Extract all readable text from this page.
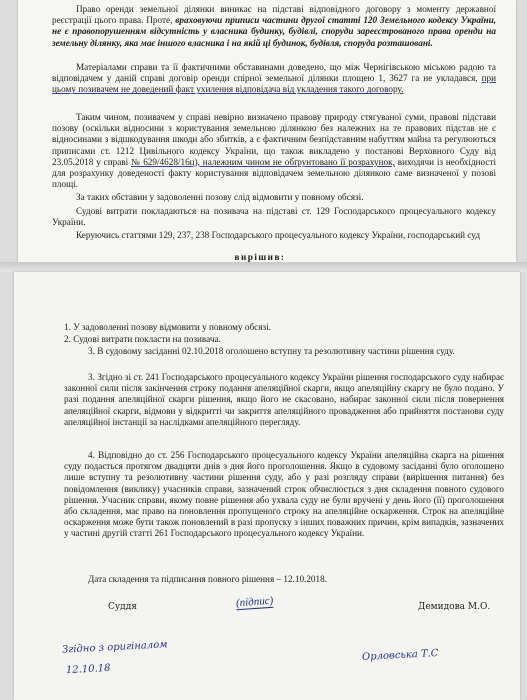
Право оренди земельної ділянки виникає на підставі відповідного договору з моменту державної реєстрації цього права. Проте, враховуючи приписи частини другої статті 120 Земельного кодексу України, не є правопорушенням відсутність у власника будинку, будівлі, споруди зареєстрованого права оренди на земельну ділянку, яка має іншого власника і на якій ці будинок, будівля, споруда розташовані.
Матеріалами справи та її фактичними обставинами доведено, що між Чернігівською міською радою та відповідачем у даній справі договір оренди спірної земельної ділянки площею 1, 3627 га не укладався, при цьому позивачем не доведений факт ухилення відповідача від укладення такого договору.
Таким чином, позивачем у справі невірно визначено правову природу стягуваної суми, правові підстави позову (оскільки відносини з користування земельною ділянкою без належних на те правових підстав не є відносинами з відшкодування шкоди або збитків, а є фактичним безпідставним набуттям майна та регулюються приписами ст. 1212 Цивільного кодексу України, що також викладено у постанові Верховного Суду від 23.05.2018 у справі № 629/4628/16ц), належним чином не обґрунтовано її розрахунок, виходячи із необхідності для розрахунку доведеності факту користування відповідачем земельною ділянкою саме визначеної у позові площі.
За таких обставин у задоволенні позову слід відмовити у повному обсязі.
Судові витрати покладаються на позивача на підставі ст. 129 Господарського процесуального кодексу України.
Керуючись статтями 129, 237, 238 Господарського процесуального кодексу України, господарський суд
вирішив:
1. У задоволенні позову відмовити у повному обсязі.
2. Судові витрати покласти на позивача.
3. В судовому засіданні 02.10.2018 оголошено вступну та резолютивну частини рішення суду.
3. Згідно зі ст. 241 Господарського процесуального кодексу України рішення господарського суду набирає законної сили після закінчення строку подання апеляційної скарги, якщо апеляційну скаргу не було подано. У разі подання апеляційної скарги рішення, якщо його не скасовано, набирає законної сили після повернення апеляційної скарги, відмови у відкритті чи закриття апеляційного провадження або прийняття постанови суду апеляційної інстанції за наслідками апеляційного перегляду.
4. Відповідно до ст. 256 Господарського процесуального кодексу України апеляційна скарга на рішення суду подається протягом двадцяти днів з дня його проголошення. Якщо в судовому засіданні було оголошено лише вступну та резолютивну частини рішення суду, або у разі розгляду справи (вирішення питання) без повідомлення (виклику) учасників справи, зазначений строк обчислюється з дня складення повного судового рішення. Учасник справи, якому повне рішення або ухвала суду не були вручені у день його (її) проголошення або складення, має право на поновлення пропущеного строку на апеляційне оскарження. Строк на апеляційне оскарження може бути також поновлений в разі пропуску з інших поважних причин, крім випадків, зазначених у частині другій статті 261 Господарського процесуального кодексу України.
Дата складення та підписання повного рішення – 12.10.2018.
Суддя	(підпис)	Демидова М.О.
Згідно з оригіналом
12.10.18
Орловська Т.С
